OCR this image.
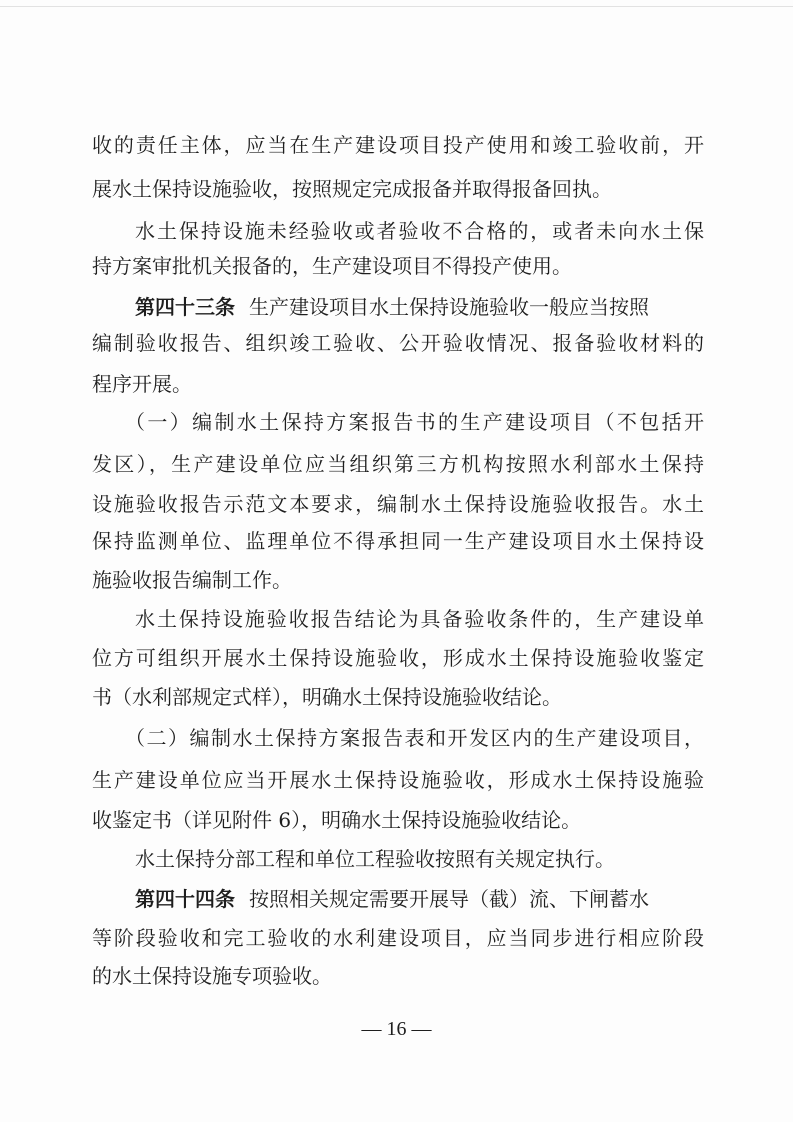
收的责任主体，应当在生产建设项目投产使用和竣工验收前，开
展水土保持设施验收，按照规定完成报备并取得报备回执。
水土保持设施未经验收或者验收不合格的，或者未向水土保
持方案审批机关报备的，生产建设项目不得投产使用。
第四十三条 生产建设项目水土保持设施验收一般应当按照
编制验收报告、组织竣工验收、公开验收情况、报备验收材料的
程序开展。
（一）编制水土保持方案报告书的生产建设项目（不包括开
发区），生产建设单位应当组织第三方机构按照水利部水土保持
设施验收报告示范文本要求，编制水土保持设施验收报告。水土
保持监测单位、监理单位不得承担同一生产建设项目水土保持设
施验收报告编制工作。
水土保持设施验收报告结论为具备验收条件的，生产建设单
位方可组织开展水土保持设施验收，形成水土保持设施验收鉴定
书（水利部规定式样），明确水土保持设施验收结论。
（二）编制水土保持方案报告表和开发区内的生产建设项目，
生产建设单位应当开展水土保持设施验收，形成水土保持设施验
收鉴定书（详见附件 6），明确水土保持设施验收结论。
水土保持分部工程和单位工程验收按照有关规定执行。
第四十四条 按照相关规定需要开展导（截）流、下闸蓄水
等阶段验收和完工验收的水利建设项目，应当同步进行相应阶段
的水土保持设施专项验收。
— 16 —
